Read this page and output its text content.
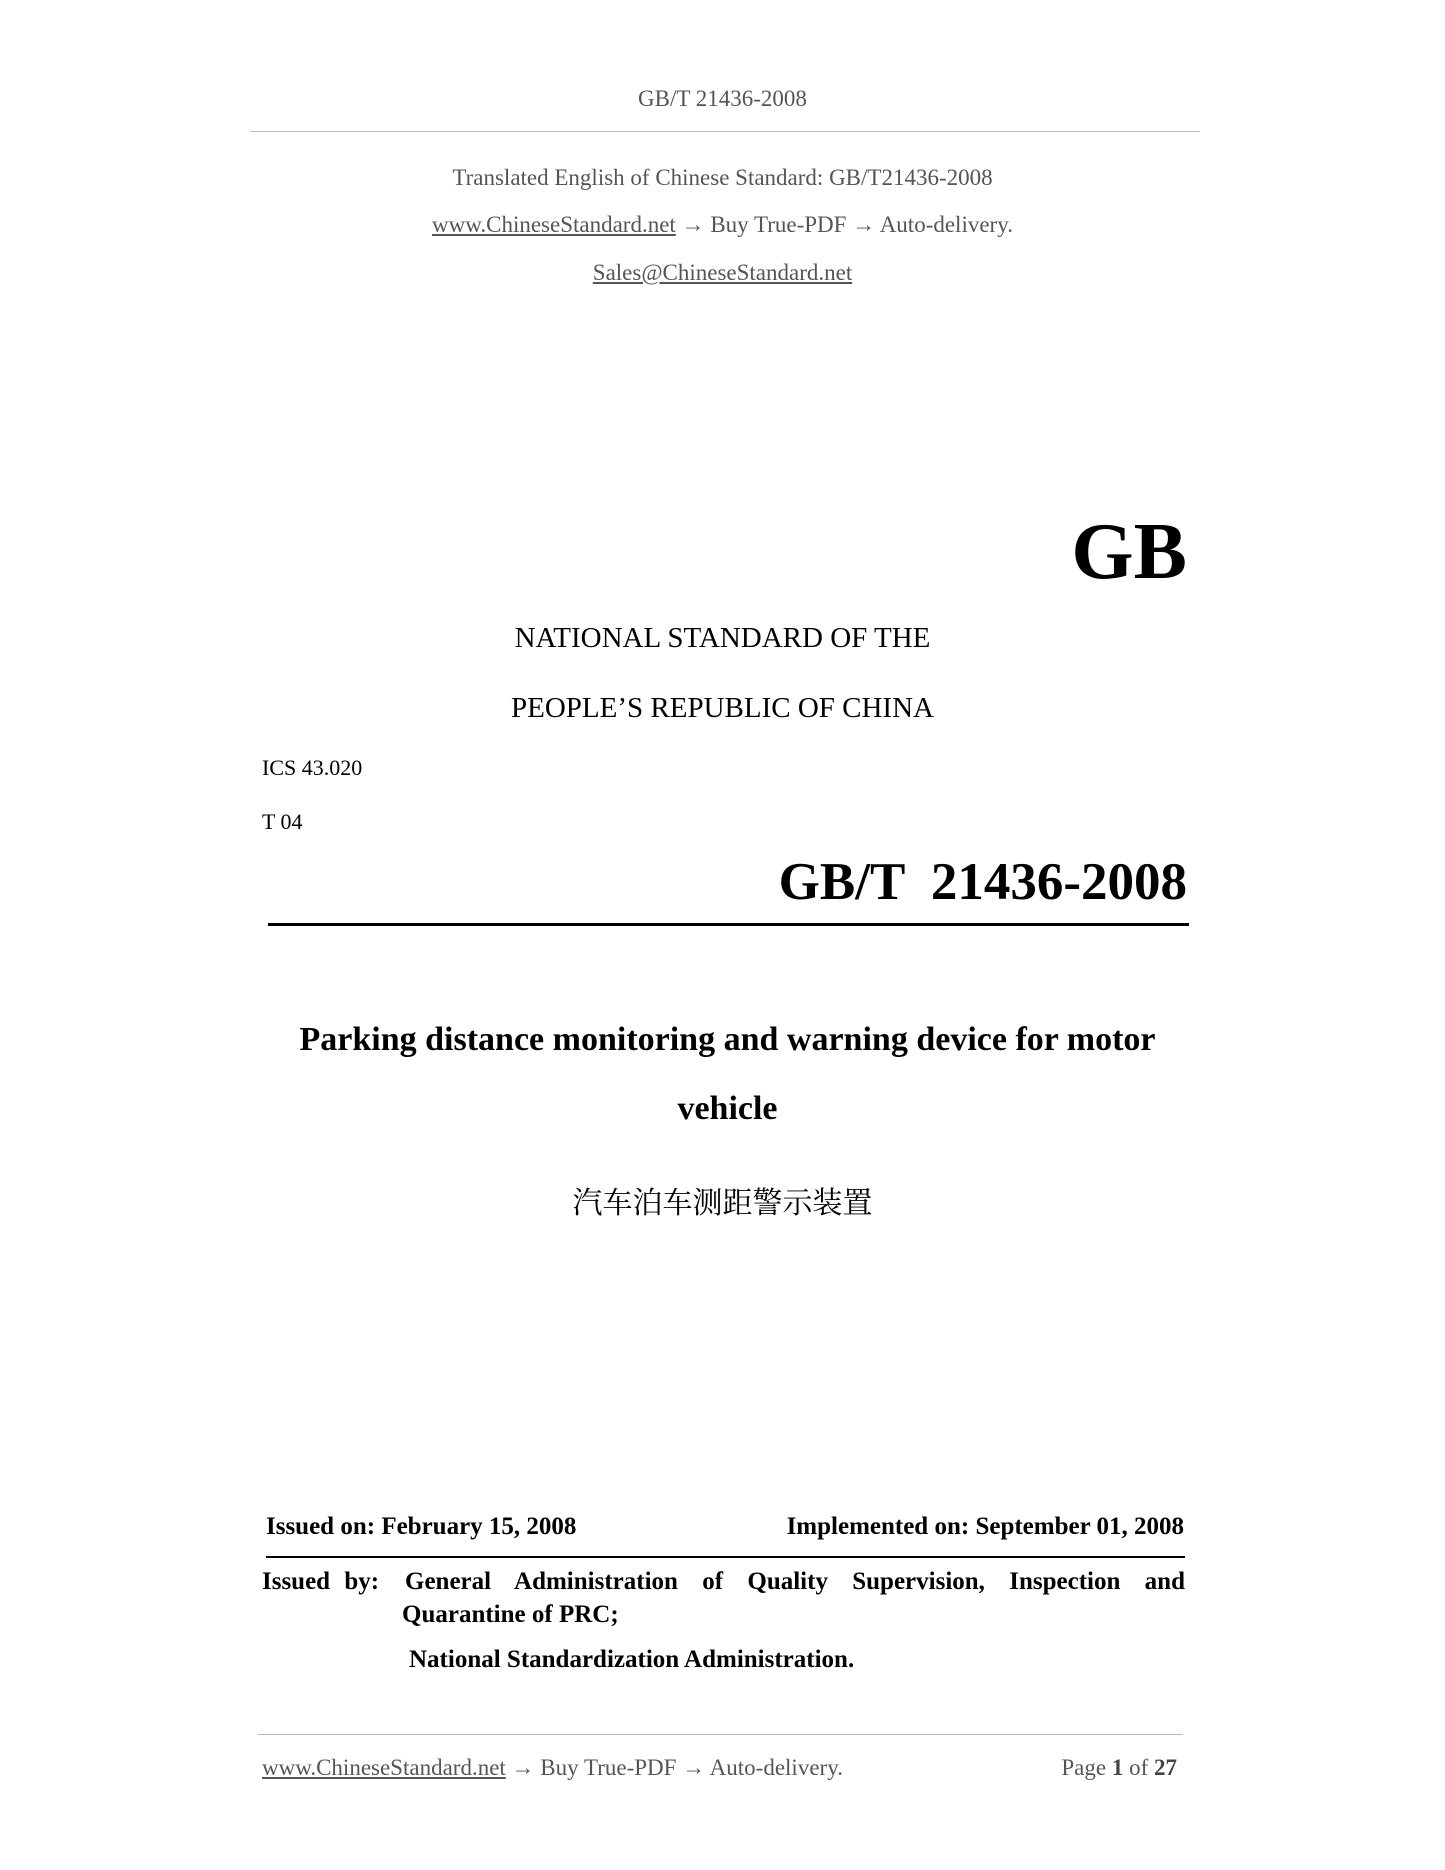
GB/T 21436-2008
Translated English of Chinese Standard: GB/T21436-2008
www.ChineseStandard.net → Buy True-PDF → Auto-delivery.
Sales@ChineseStandard.net
GB
NATIONAL STANDARD OF THE
PEOPLE’S REPUBLIC OF CHINA
ICS 43.020
T 04
GB/T  21436-2008
Parking distance monitoring and warning device for motor vehicle
汽车泊车测距警示装置
Issued on: February 15, 2008	Implemented on: September 01, 2008
Issued by: General Administration of Quality Supervision, Inspection and
Quarantine of PRC;
National Standardization Administration.
www.ChineseStandard.net → Buy True-PDF → Auto-delivery.	Page 1 of 27
